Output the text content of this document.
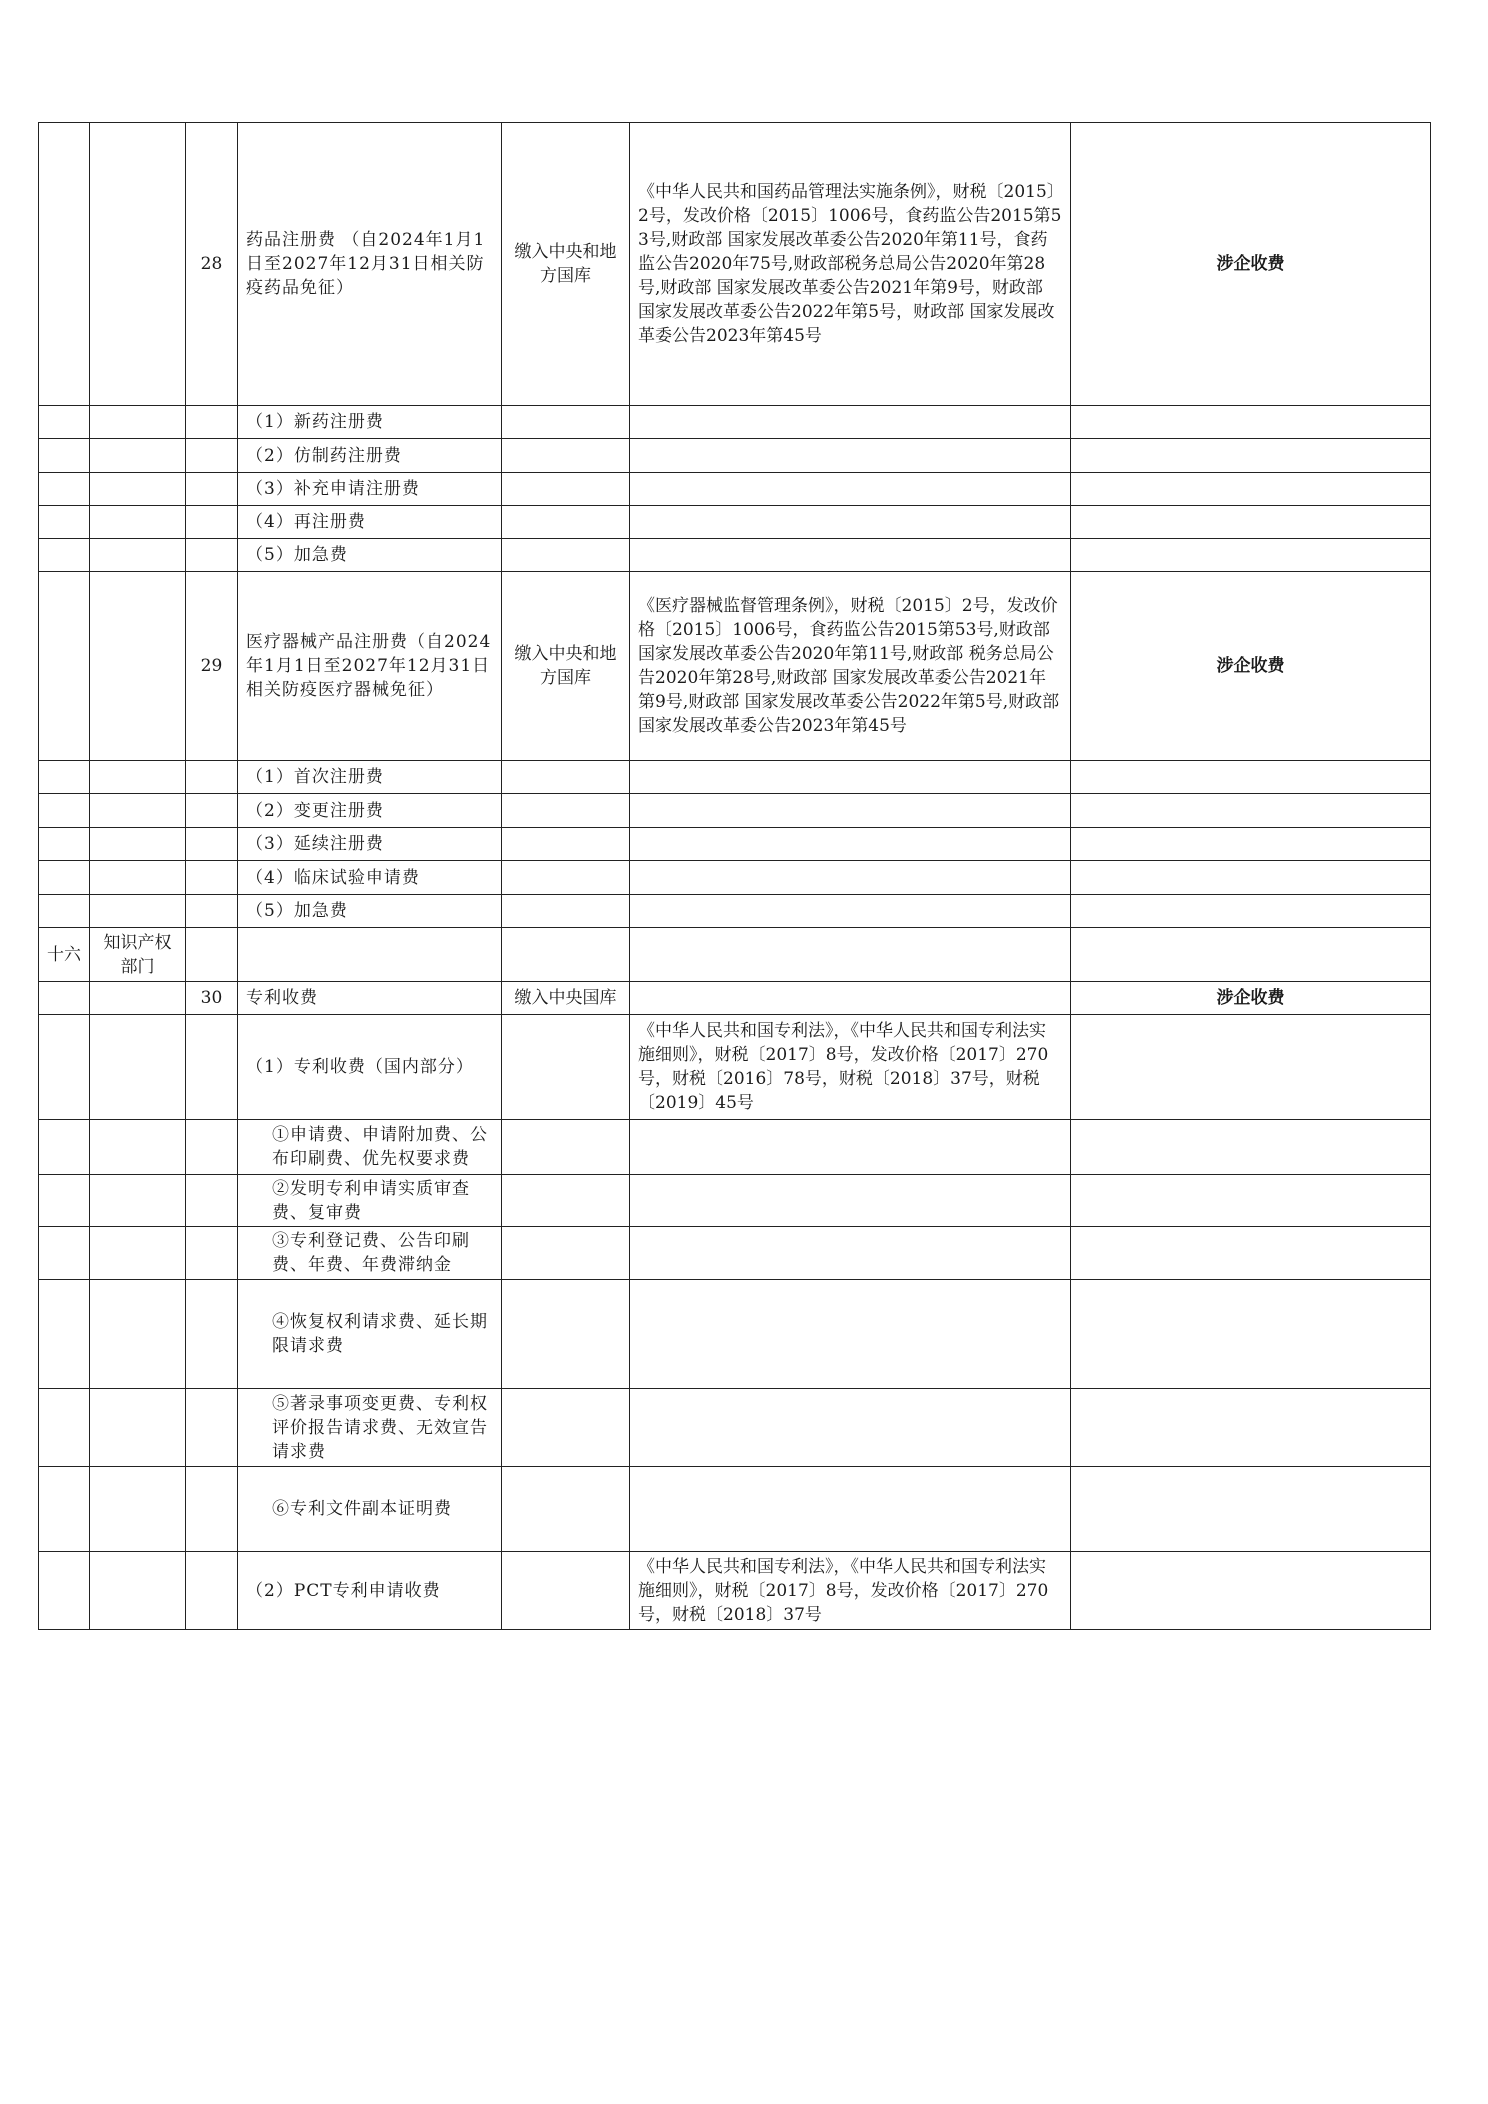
		28	药品注册费 （自2024年1月1日至2027年12月31日相关防疫药品免征）	缴入中央和地方国库	《中华人民共和国药品管理法实施条例》，财税〔2015〕2号，发改价格〔2015〕1006号，食药监公告2015第53号,财政部 国家发展改革委公告2020年第11号，食药监公告2020年75号,财政部税务总局公告2020年第28号,财政部 国家发展改革委公告2021年第9号，财政部 国家发展改革委公告2022年第5号，财政部 国家发展改革委公告2023年第45号	涉企收费
			（1）新药注册费			
			（2）仿制药注册费			
			（3）补充申请注册费			
			（4）再注册费			
			（5）加急费			
		29	医疗器械产品注册费（自2024年1月1日至2027年12月31日相关防疫医疗器械免征）	缴入中央和地方国库	《医疗器械监督管理条例》，财税〔2015〕2号，发改价格〔2015〕1006号，食药监公告2015第53号,财政部 国家发展改革委公告2020年第11号,财政部 税务总局公告2020年第28号,财政部 国家发展改革委公告2021年第9号,财政部 国家发展改革委公告2022年第5号,财政部 国家发展改革委公告2023年第45号	涉企收费
			（1）首次注册费			
			（2）变更注册费			
			（3）延续注册费			
			（4）临床试验申请费			
			（5）加急费			
十六	知识产权部门					
		30	专利收费	缴入中央国库		涉企收费
			（1）专利收费（国内部分）		《中华人民共和国专利法》，《中华人民共和国专利法实施细则》，财税〔2017〕8号，发改价格〔2017〕270号，财税〔2016〕78号，财税〔2018〕37号，财税〔2019〕45号	
			①申请费、申请附加费、公布印刷费、优先权要求费			
			②发明专利申请实质审查费、复审费			
			③专利登记费、公告印刷费、年费、年费滞纳金			
			④恢复权利请求费、延长期限请求费			
			⑤著录事项变更费、专利权评价报告请求费、无效宣告请求费			
			⑥专利文件副本证明费			
			（2）PCT专利申请收费		《中华人民共和国专利法》，《中华人民共和国专利法实施细则》，财税〔2017〕8号，发改价格〔2017〕270号，财税〔2018〕37号	
